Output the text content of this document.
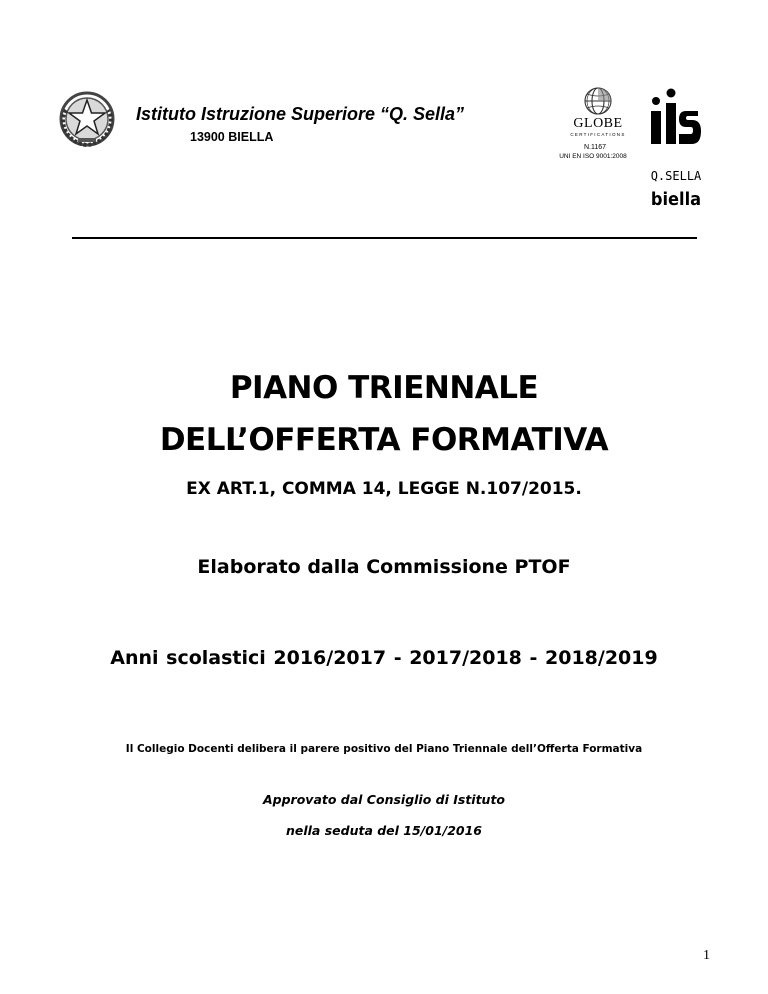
Istituto Istruzione Superiore “Q. Sella”
13900 BIELLA
GLOBE
CERTIFICATIONS
N.1167
UNI EN ISO 9001:2008
Q.SELLA
biella
PIANO TRIENNALE
DELL’OFFERTA FORMATIVA
EX ART.1, COMMA 14, LEGGE N.107/2015.
Elaborato dalla Commissione PTOF
Anni scolastici 2016/2017 - 2017/2018 - 2018/2019
Il Collegio Docenti delibera il parere positivo del Piano Triennale dell’Offerta Formativa
Approvato dal Consiglio di Istituto
nella seduta del 15/01/2016
1
